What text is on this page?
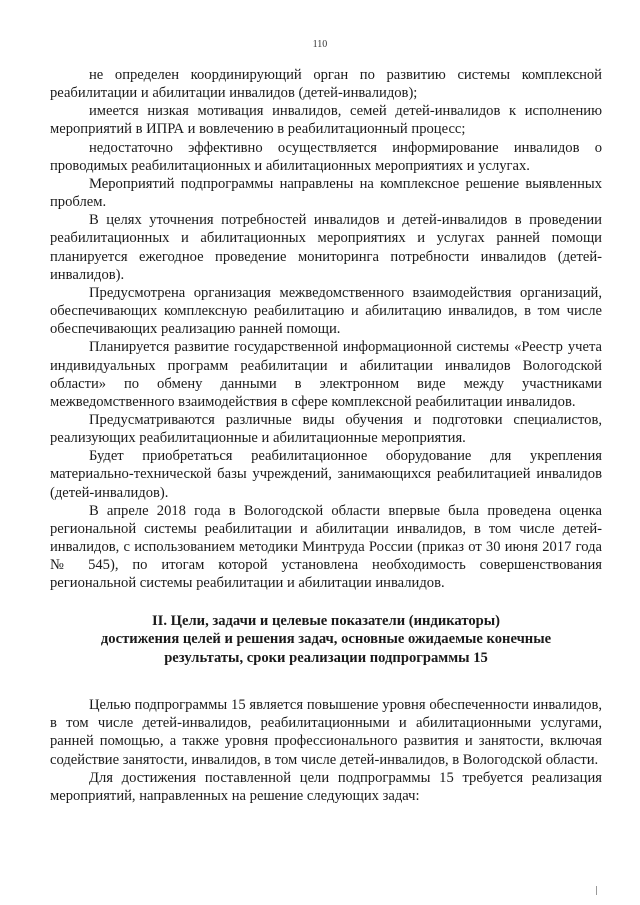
110

не определен координирующий орган по развитию системы комплексной реабилитации и абилитации инвалидов (детей-инвалидов);

имеется низкая мотивация инвалидов, семей детей-инвалидов к исполнению мероприятий в ИПРА и вовлечению в реабилитационный процесс;

недостаточно эффективно осуществляется информирование инвалидов о проводимых реабилитационных и абилитационных мероприятиях и услугах.

Мероприятий подпрограммы направлены на комплексное решение выявленных проблем.

В целях уточнения потребностей инвалидов и детей-инвалидов в проведении реабилитационных и абилитационных мероприятиях и услугах ранней помощи планируется ежегодное проведение мониторинга потребности инвалидов (детей-инвалидов).

Предусмотрена организация межведомственного взаимодействия организаций, обеспечивающих комплексную реабилитацию и абилитацию инвалидов, в том числе обеспечивающих реализацию ранней помощи.

Планируется развитие государственной информационной системы «Реестр учета индивидуальных программ реабилитации и абилитации инвалидов Вологодской области» по обмену данными в электронном виде между участниками межведомственного взаимодействия в сфере комплексной реабилитации инвалидов.

Предусматриваются различные виды обучения и подготовки специалистов, реализующих реабилитационные и абилитационные мероприятия.

Будет приобретаться реабилитационное оборудование для укрепления материально-технической базы учреждений, занимающихся реабилитацией инвалидов (детей-инвалидов).

В апреле 2018 года в Вологодской области впервые была проведена оценка региональной системы реабилитации и абилитации инвалидов, в том числе детей-инвалидов, с использованием методики Минтруда России (приказ от 30 июня 2017 года № 545), по итогам которой установлена необходимость совершенствования региональной системы реабилитации и абилитации инвалидов.

II. Цели, задачи и целевые показатели (индикаторы)
достижения целей и решения задач, основные ожидаемые конечные
результаты, сроки реализации подпрограммы 15

Целью подпрограммы 15 является повышение уровня обеспеченности инвалидов, в том числе детей-инвалидов, реабилитационными и абилитационными услугами, ранней помощью, а также уровня профессионального развития и занятости, включая содействие занятости, инвалидов, в том числе детей-инвалидов, в Вологодской области.

Для достижения поставленной цели подпрограммы 15 требуется реализация мероприятий, направленных на решение следующих задач:
